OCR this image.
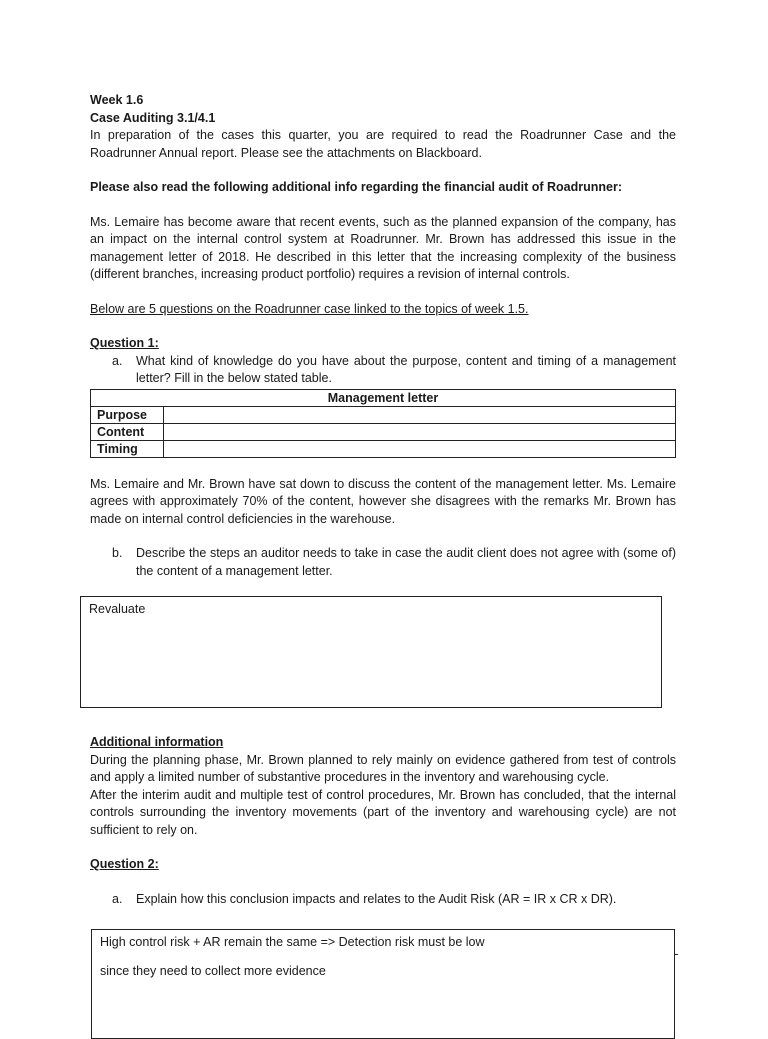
Week 1.6

Case Auditing 3.1/4.1

In preparation of the cases this quarter, you are required to read the Roadrunner Case and the Roadrunner Annual report. Please see the attachments on Blackboard.

Please also read the following additional info regarding the financial audit of Roadrunner:

Ms. Lemaire has become aware that recent events, such as the planned expansion of the company, has an impact on the internal control system at Roadrunner. Mr. Brown has addressed this issue in the management letter of 2018. He described in this letter that the increasing complexity of the business (different branches, increasing product portfolio) requires a revision of internal controls.

Below are 5 questions on the Roadrunner case linked to the topics of week 1.5.

Question 1:

a. What kind of knowledge do you have about the purpose, content and timing of a management letter? Fill in the below stated table.

Management letter	
Purpose	
Content	
Timing	

Ms. Lemaire and Mr. Brown have sat down to discuss the content of the management letter. Ms. Lemaire agrees with approximately 70% of the content, however she disagrees with the remarks Mr. Brown has made on internal control deficiencies in the warehouse.

b. Describe the steps an auditor needs to take in case the audit client does not agree with (some of) the content of a management letter.

Revaluate

Additional information

During the planning phase, Mr. Brown planned to rely mainly on evidence gathered from test of controls and apply a limited number of substantive procedures in the inventory and warehousing cycle.

After the interim audit and multiple test of control procedures, Mr. Brown has concluded, that the internal controls surrounding the inventory movements (part of the inventory and warehousing cycle) are not sufficient to rely on.

Question 2:

a. Explain how this conclusion impacts and relates to the Audit Risk (AR = IR x CR x DR).

High control risk + AR remain the same => Detection risk must be low

since they need to collect more evidence
